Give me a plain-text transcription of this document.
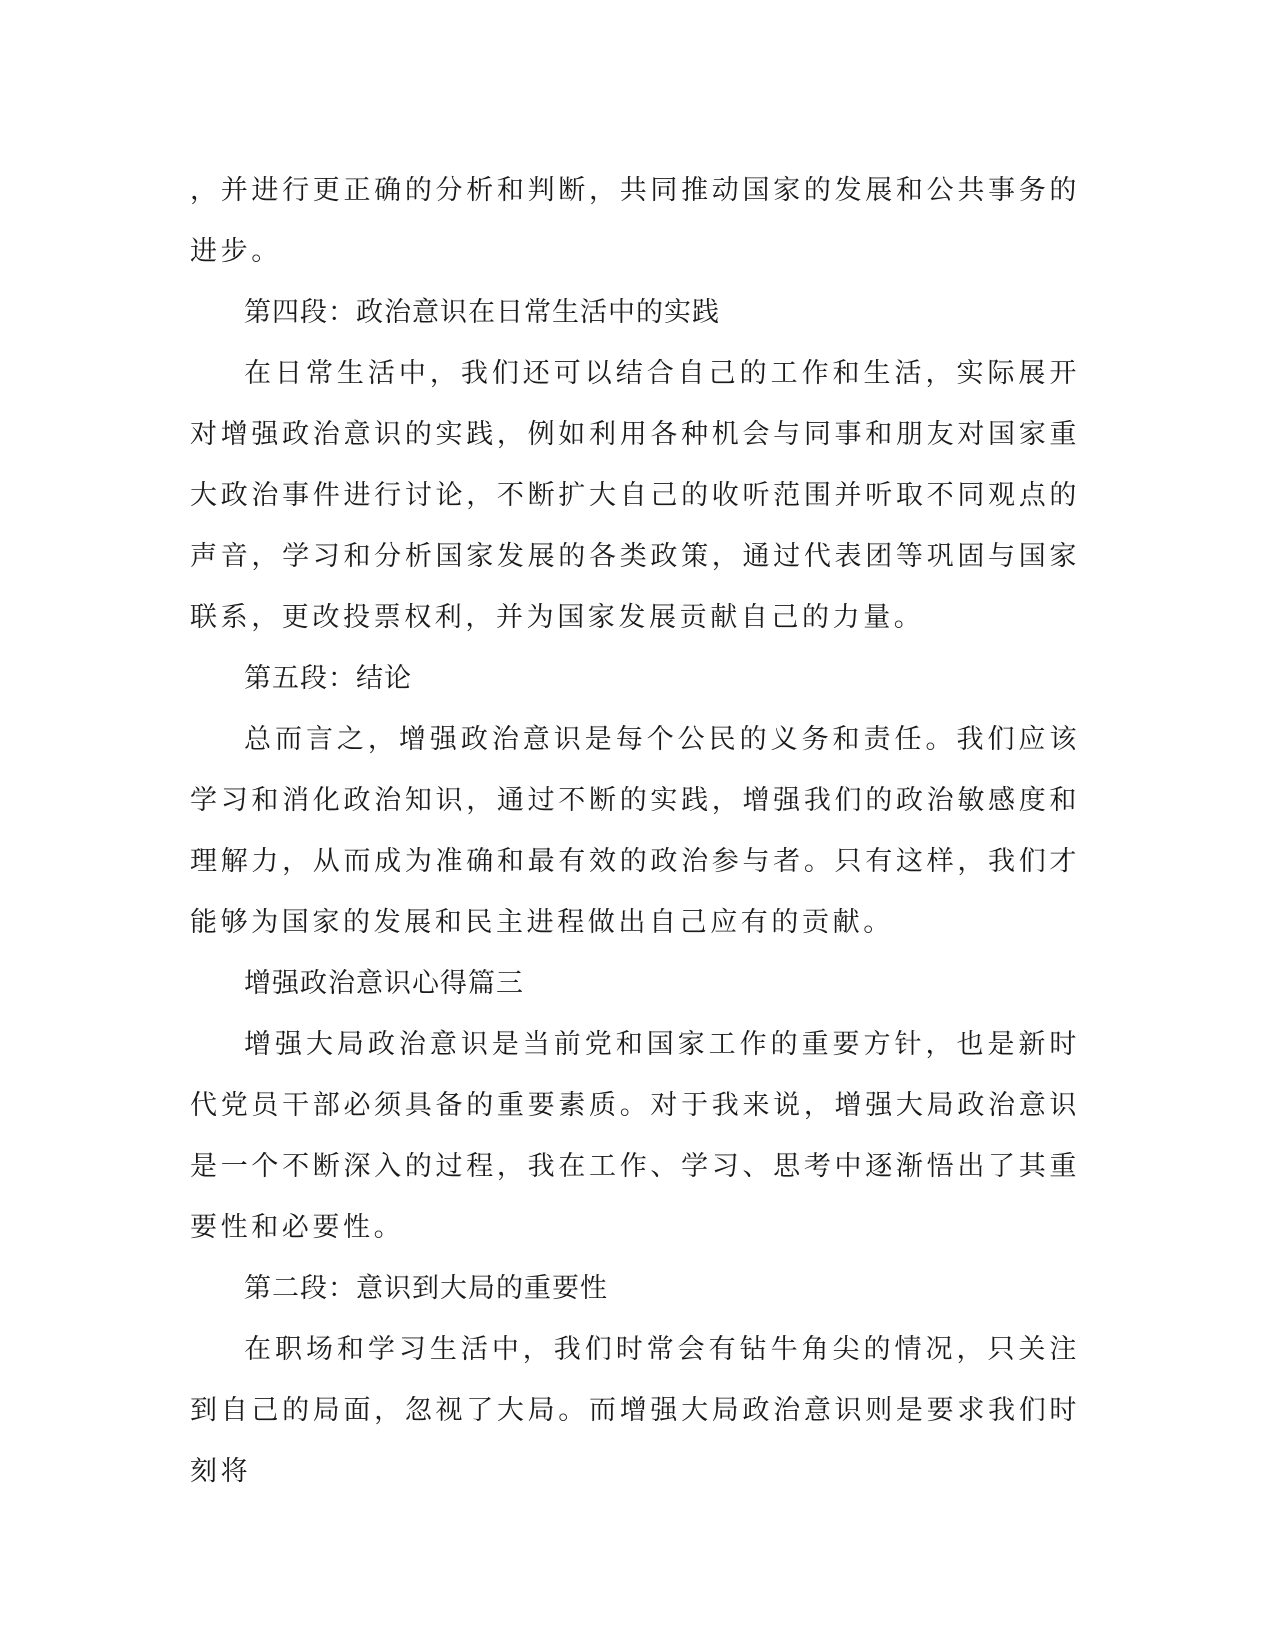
，并进行更正确的分析和判断，共同推动国家的发展和公共事务的进步。

第四段：政治意识在日常生活中的实践

在日常生活中，我们还可以结合自己的工作和生活，实际展开对增强政治意识的实践，例如利用各种机会与同事和朋友对国家重大政治事件进行讨论，不断扩大自己的收听范围并听取不同观点的声音，学习和分析国家发展的各类政策，通过代表团等巩固与国家联系，更改投票权利，并为国家发展贡献自己的力量。

第五段：结论

总而言之，增强政治意识是每个公民的义务和责任。我们应该学习和消化政治知识，通过不断的实践，增强我们的政治敏感度和理解力，从而成为准确和最有效的政治参与者。只有这样，我们才能够为国家的发展和民主进程做出自己应有的贡献。

增强政治意识心得篇三

增强大局政治意识是当前党和国家工作的重要方针，也是新时代党员干部必须具备的重要素质。对于我来说，增强大局政治意识是一个不断深入的过程，我在工作、学习、思考中逐渐悟出了其重要性和必要性。

第二段：意识到大局的重要性

在职场和学习生活中，我们时常会有钻牛角尖的情况，只关注到自己的局面，忽视了大局。而增强大局政治意识则是要求我们时刻将
